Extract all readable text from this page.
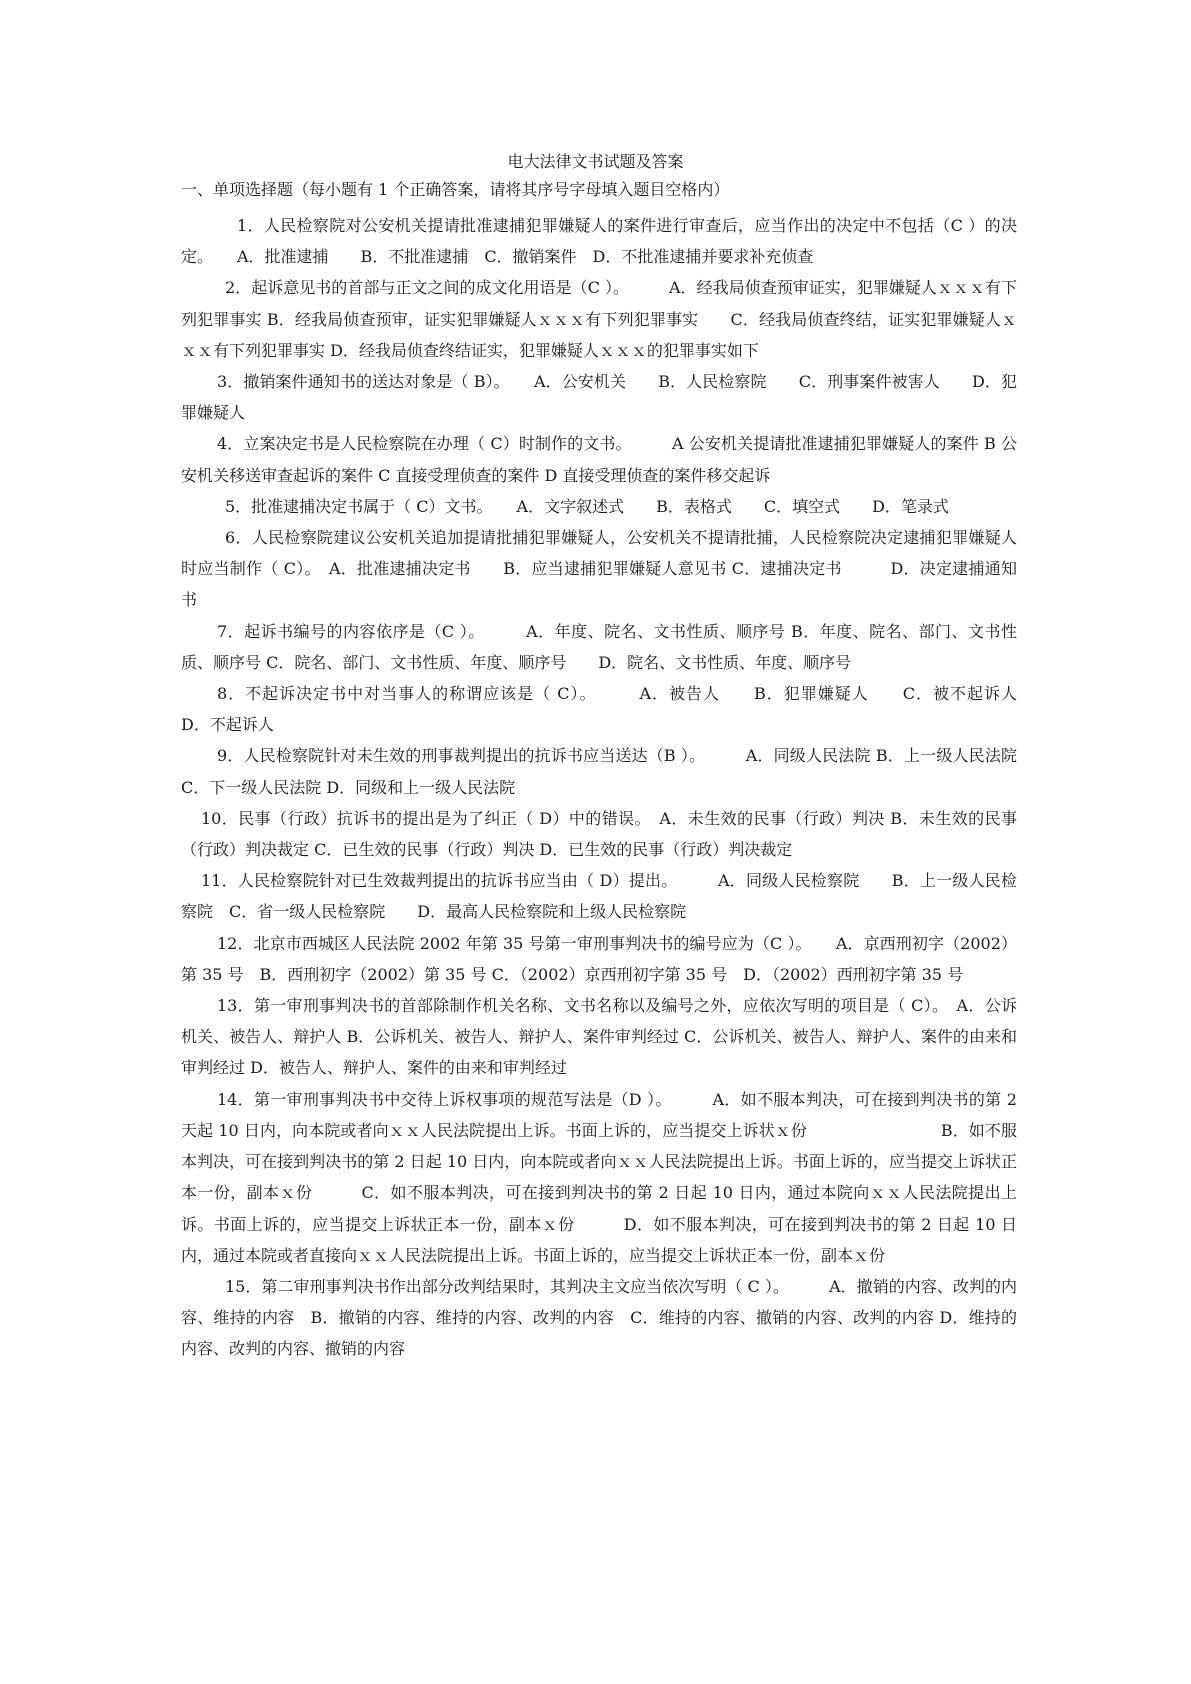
电大法律文书试题及答案
一、单项选择题（每小题有 1 个正确答案，请将其序号字母填入题目空格内）

1．人民检察院对公安机关提请批准逮捕犯罪嫌疑人的案件进行审查后，应当作出的决定中不包括（C ）的决定。　　A．批准逮捕　　B．不批准逮捕　C．撤销案件　D．不批准逮捕并要求补充侦查

2．起诉意见书的首部与正文之间的成文化用语是（C ）。　　　A．经我局侦查预审证实，犯罪嫌疑人ｘｘｘ有下列犯罪事实 B．经我局侦查预审，证实犯罪嫌疑人ｘｘｘ有下列犯罪事实　　C．经我局侦查终结，证实犯罪嫌疑人ｘｘｘ有下列犯罪事实 D．经我局侦查终结证实，犯罪嫌疑人ｘｘｘ的犯罪事实如下

3．撤销案件通知书的送达对象是（ B）。　　A．公安机关　　B．人民检察院　　C．刑事案件被害人　　D．犯罪嫌疑人

4．立案决定书是人民检察院在办理（ C）时制作的文书。　　　A 公安机关提请批准逮捕犯罪嫌疑人的案件 B 公安机关移送审查起诉的案件 C 直接受理侦查的案件 D 直接受理侦查的案件移交起诉

5．批准逮捕决定书属于（ C）文书。　　A．文字叙述式　　B．表格式　　C．填空式　　D．笔录式

6．人民检察院建议公安机关追加提请批捕犯罪嫌疑人，公安机关不提请批捕，人民检察院决定逮捕犯罪嫌疑人时应当制作（ C）。　A．批准逮捕决定书　　B．应当逮捕犯罪嫌疑人意见书 C．逮捕决定书　　　D．决定逮捕通知书

7．起诉书编号的内容依序是（C ）。　　　A．年度、院名、文书性质、顺序号 B．年度、院名、部门、文书性质、顺序号 C．院名、部门、文书性质、年度、顺序号　　D．院名、文书性质、年度、顺序号

8．不起诉决定书中对当事人的称谓应该是（ C）。　　　A．被告人　　B．犯罪嫌疑人　　C．被不起诉人　　D．不起诉人

9．人民检察院针对未生效的刑事裁判提出的抗诉书应当送达（B ）。　　　A．同级人民法院 B．上一级人民法院 C．下一级人民法院 D．同级和上一级人民法院

10．民事（行政）抗诉书的提出是为了纠正（ D）中的错误。　A．未生效的民事（行政）判决 B．未生效的民事（行政）判决裁定 C．已生效的民事（行政）判决 D．已生效的民事（行政）判决裁定

11．人民检察院针对已生效裁判提出的抗诉书应当由（ D）提出。　　　A．同级人民检察院　　B．上一级人民检察院　C．省一级人民检察院　　D．最高人民检察院和上级人民检察院

12．北京市西城区人民法院 2002 年第 35 号第一审刑事判决书的编号应为（C ）。　　A．京西刑初字（2002）第 35 号　B．西刑初字（2002）第 35 号 C．（2002）京西刑初字第 35 号　D．（2002）西刑初字第 35 号

13．第一审刑事判决书的首部除制作机关名称、文书名称以及编号之外，应依次写明的项目是（ C）。　A．公诉机关、被告人、辩护人 B．公诉机关、被告人、辩护人、案件审判经过 C．公诉机关、被告人、辩护人、案件的由来和审判经过 D．被告人、辩护人、案件的由来和审判经过

14．第一审刑事判决书中交待上诉权事项的规范写法是（D ）。　　　A．如不服本判决，可在接到判决书的第 2 天起 10 日内，向本院或者向ｘｘ人民法院提出上诉。书面上诉的，应当提交上诉状ｘ份　　　　　　　　 B．如不服本判决，可在接到判决书的第 2 日起 10 日内，向本院或者向ｘｘ人民法院提出上诉。书面上诉的，应当提交上诉状正本一份，副本ｘ份　　　C．如不服本判决，可在接到判决书的第 2 日起 10 日内，通过本院向ｘｘ人民法院提出上诉。书面上诉的，应当提交上诉状正本一份，副本ｘ份　　　D．如不服本判决，可在接到判决书的第 2 日起 10 日内，通过本院或者直接向ｘｘ人民法院提出上诉。书面上诉的，应当提交上诉状正本一份，副本ｘ份

15．第二审刑事判决书作出部分改判结果时，其判决主文应当依次写明（ C ）。　　　A．撤销的内容、改判的内容、维持的内容　B．撤销的内容、维持的内容、改判的内容　C．维持的内容、撤销的内容、改判的内容 D．维持的内容、改判的内容、撤销的内容
